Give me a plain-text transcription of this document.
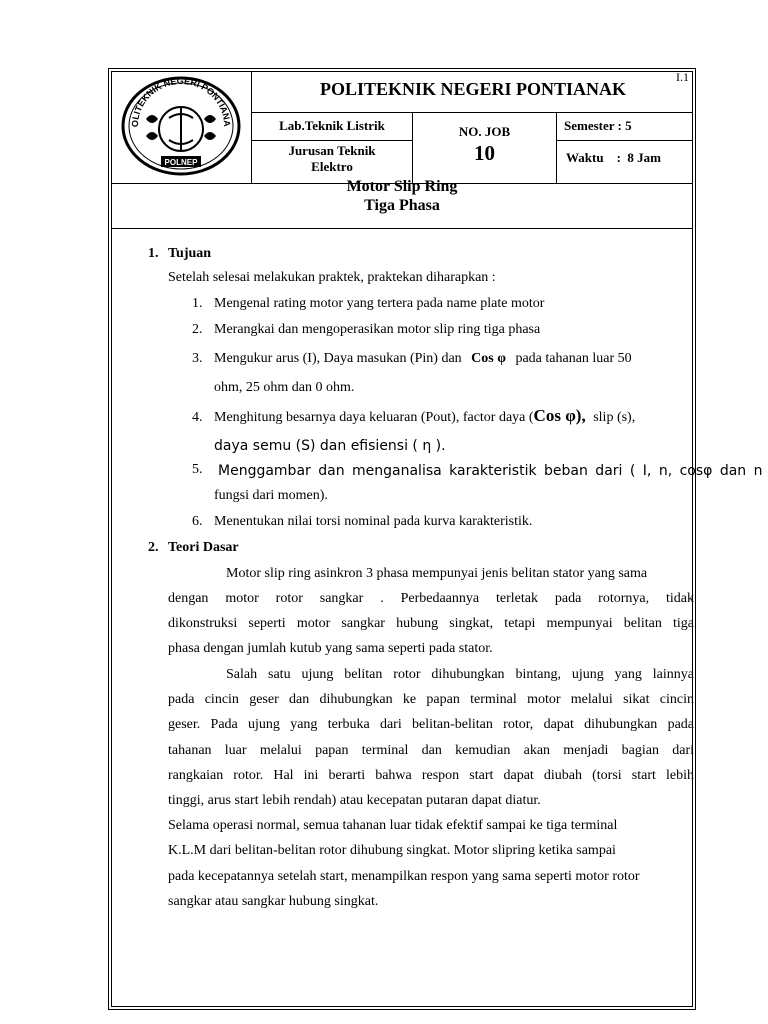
OLITEKNIK NEGERI PONTIANA
POLNEP
I.1
POLITEKNIK NEGERI PONTIANAK
Lab.Teknik Listrik
Jurusan Teknik Elektro
NO. JOB
10
Semester : 5
Waktu    :  8 Jam
Motor Slip Ring
Tiga Phasa
1. Tujuan
Setelah selesai melakukan praktek, praktekan diharapkan :
1. Mengenal rating motor yang tertera pada name plate motor
2. Merangkai dan mengoperasikan motor slip ring tiga phasa
3. Mengukur arus (I), Daya masukan (Pin) dan Cos φ pada tahanan luar 50
ohm, 25 ohm dan 0 ohm.
4. Menghitung besarnya daya keluaran (Pout), factor daya (Cos φ), slip (s),
daya semu (S) dan efisiensi ( η ).
5. Menggambar dan menganalisa karakteristik beban dari ( I, n, cosφ dan n
fungsi dari momen).
6. Menentukan nilai torsi nominal pada kurva karakteristik.
2. Teori Dasar
Motor slip ring asinkron 3 phasa mempunyai jenis belitan stator yang sama
dengan motor rotor sangkar . Perbedaannya terletak pada rotornya, tidak
dikonstruksi seperti motor sangkar hubung singkat, tetapi mempunyai belitan tiga
phasa dengan jumlah kutub yang sama seperti pada stator.
Salah satu ujung belitan rotor dihubungkan bintang, ujung yang lainnya
pada cincin geser dan dihubungkan ke papan terminal motor melalui sikat cincin
geser. Pada ujung yang terbuka dari belitan-belitan rotor, dapat dihubungkan pada
tahanan luar melalui papan terminal dan kemudian akan menjadi bagian dari
rangkaian rotor. Hal ini berarti bahwa respon start dapat diubah (torsi start lebih
tinggi, arus start lebih rendah) atau kecepatan putaran dapat diatur.
Selama operasi normal, semua tahanan luar tidak efektif sampai ke tiga terminal
K.L.M dari belitan-belitan rotor dihubung singkat. Motor slipring ketika sampai
pada kecepatannya setelah start, menampilkan respon yang sama seperti motor rotor
sangkar atau sangkar hubung singkat.
